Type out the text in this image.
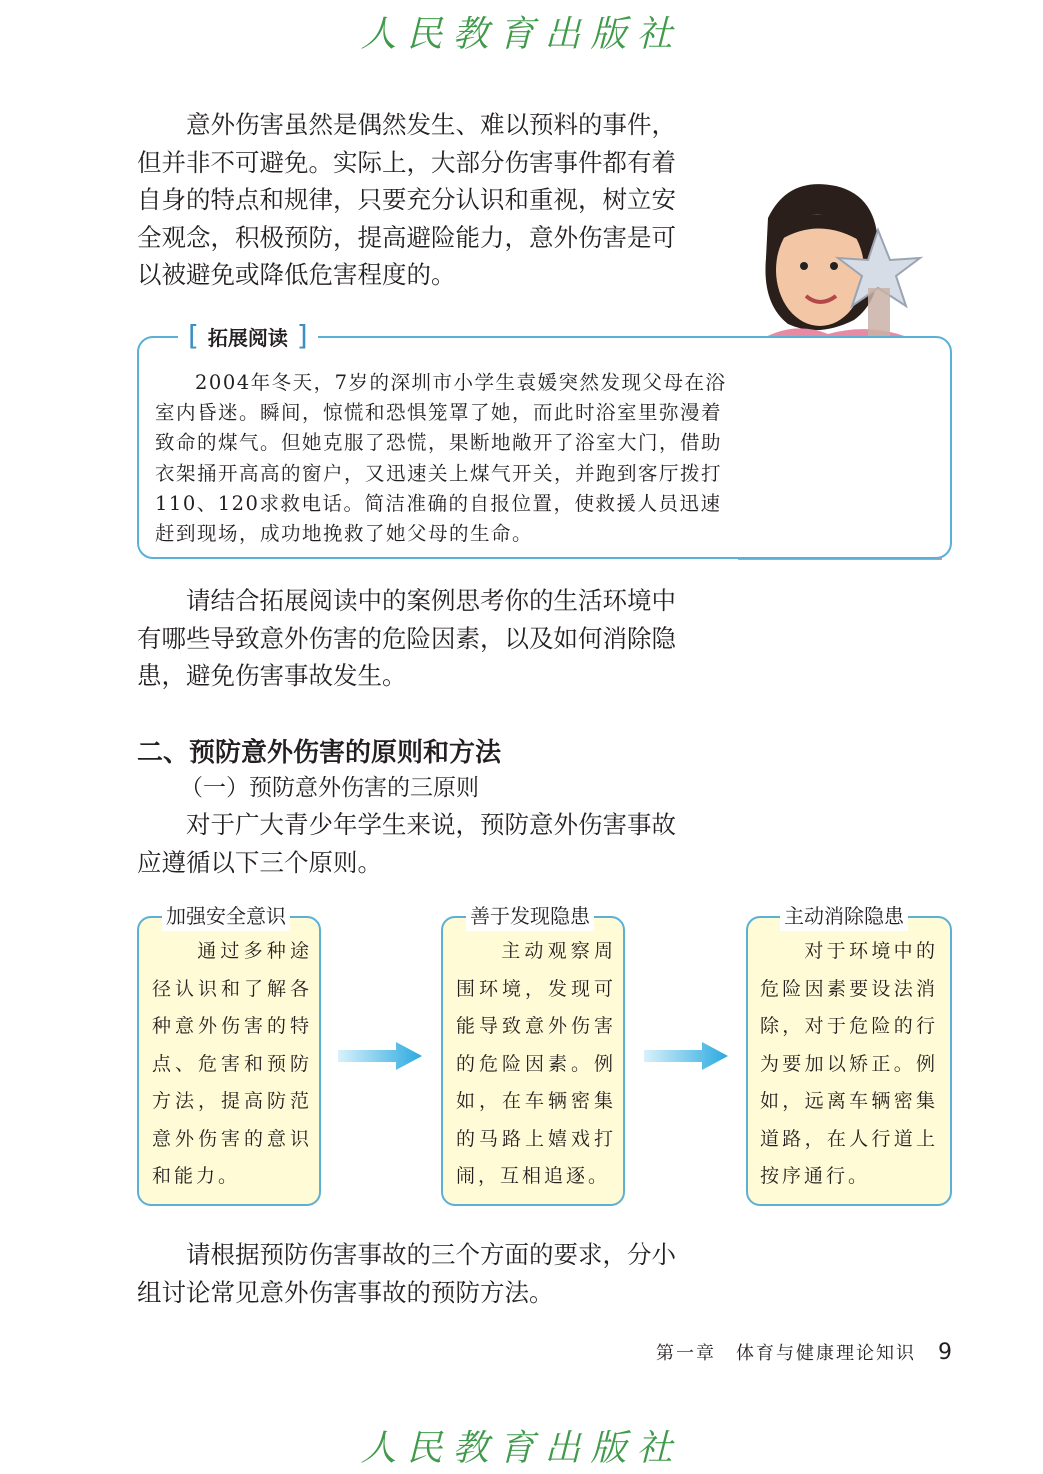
人民教育出版社
意外伤害虽然是偶然发生、难以预料的事件，但并非不可避免。实际上，大部分伤害事件都有着自身的特点和规律，只要充分认识和重视，树立安全观念，积极预防，提高避险能力，意外伤害是可以被避免或降低危害程度的。
[ 拓展阅读 ]
2004年冬天，7岁的深圳市小学生袁媛突然发现父母在浴室内昏迷。瞬间，惊慌和恐惧笼罩了她，而此时浴室里弥漫着致命的煤气。但她克服了恐慌，果断地敞开了浴室大门，借助衣架捅开高高的窗户，又迅速关上煤气开关，并跑到客厅拨打110、120求救电话。简洁准确的自报位置，使救援人员迅速赶到现场，成功地挽救了她父母的生命。
请结合拓展阅读中的案例思考你的生活环境中有哪些导致意外伤害的危险因素，以及如何消除隐患，避免伤害事故发生。
二、预防意外伤害的原则和方法
（一）预防意外伤害的三原则
对于广大青少年学生来说，预防意外伤害事故应遵循以下三个原则。
加强安全意识
通过多种途径认识和了解各种意外伤害的特点、危害和预防方法，提高防范意外伤害的意识和能力。
善于发现隐患
主动观察周围环境，发现可能导致意外伤害的危险因素。例如，在车辆密集的马路上嬉戏打闹，互相追逐。
主动消除隐患
对于环境中的危险因素要设法消除，对于危险的行为要加以矫正。例如，远离车辆密集道路，在人行道上按序通行。
请根据预防伤害事故的三个方面的要求，分小组讨论常见意外伤害事故的预防方法。
第一章　体育与健康理论知识 9
人民教育出版社
